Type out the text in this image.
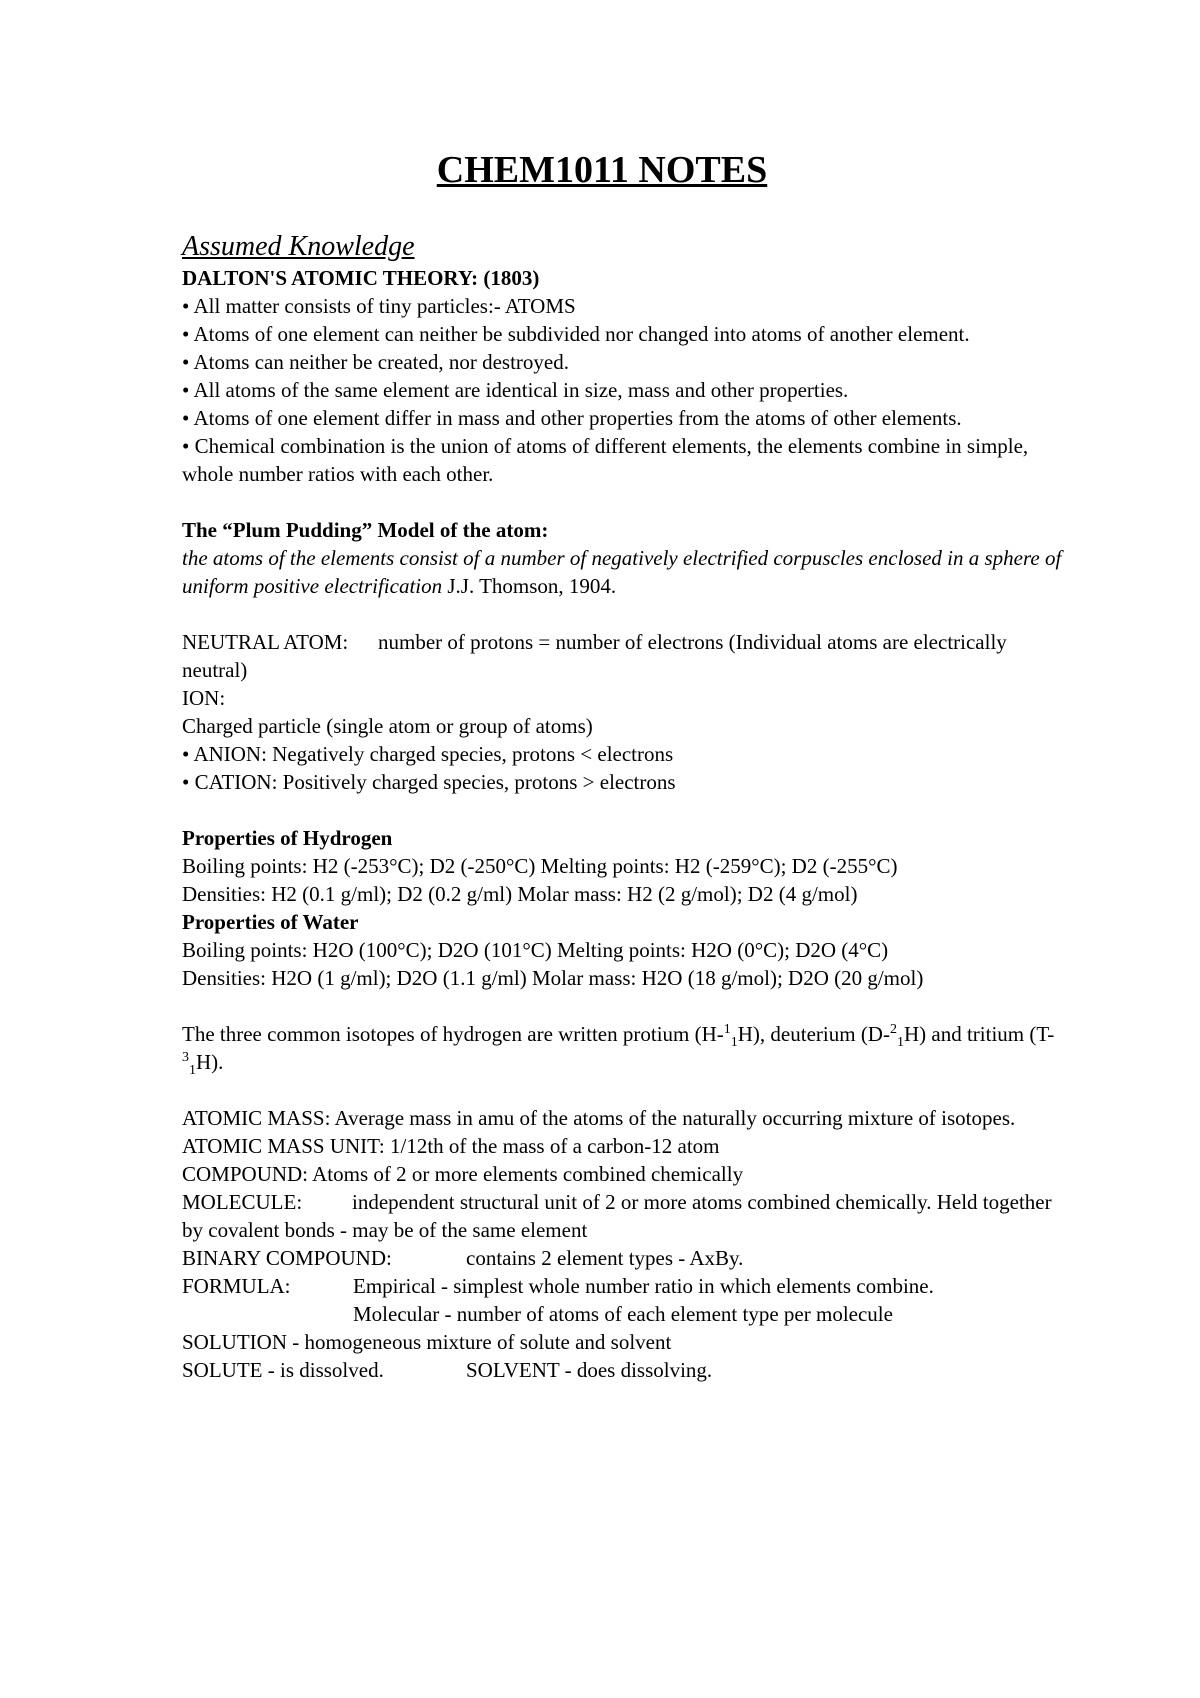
CHEM1011 NOTES

Assumed Knowledge

DALTON'S ATOMIC THEORY: (1803)

• All matter consists of tiny particles:- ATOMS

• Atoms of one element can neither be subdivided nor changed into atoms of another element.

• Atoms can neither be created, nor destroyed.

• All atoms of the same element are identical in size, mass and other properties.

• Atoms of one element differ in mass and other properties from the atoms of other elements.

• Chemical combination is the union of atoms of different elements, the elements combine in simple, whole number ratios with each other.

The “Plum Pudding” Model of the atom:

the atoms of the elements consist of a number of negatively electrified corpuscles enclosed in a sphere of uniform positive electrification J.J. Thomson, 1904.

NEUTRAL ATOM: number of protons = number of electrons (Individual atoms are electrically neutral)

ION:

Charged particle (single atom or group of atoms)

• ANION: Negatively charged species, protons < electrons

• CATION: Positively charged species, protons > electrons

Properties of Hydrogen

Boiling points: H2 (-253°C); D2 (-250°C) Melting points: H2 (-259°C); D2 (-255°C)

Densities: H2 (0.1 g/ml); D2 (0.2 g/ml) Molar mass: H2 (2 g/mol); D2 (4 g/mol)

Properties of Water

Boiling points: H2O (100°C); D2O (101°C) Melting points: H2O (0°C); D2O (4°C)

Densities: H2O (1 g/ml); D2O (1.1 g/ml) Molar mass: H2O (18 g/mol); D2O (20 g/mol)

The three common isotopes of hydrogen are written protium (H-$^1_1$H), deuterium (D-$^2_1$H) and tritium (T-$^3_1$H).

ATOMIC MASS: Average mass in amu of the atoms of the naturally occurring mixture of isotopes.

ATOMIC MASS UNIT: 1/12th of the mass of a carbon-12 atom

COMPOUND: Atoms of 2 or more elements combined chemically

MOLECULE: independent structural unit of 2 or more atoms combined chemically. Held together by covalent bonds - may be of the same element

BINARY COMPOUND:	contains 2 element types - AxBy.

FORMULA:	Empirical - simplest whole number ratio in which elements combine.

Molecular - number of atoms of each element type per molecule

SOLUTION - homogeneous mixture of solute and solvent

SOLUTE - is dissolved.	SOLVENT - does dissolving.
